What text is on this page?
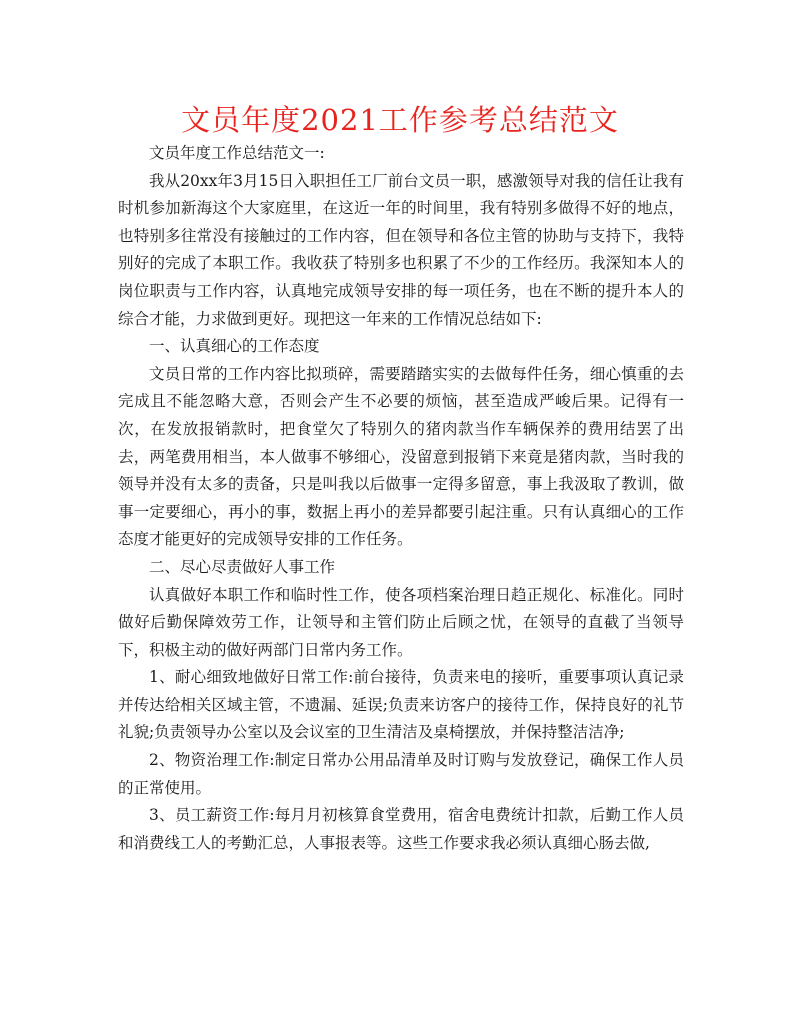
文员年度2021工作参考总结范文

文员年度工作总结范文一:

我从20xx年3月15日入职担任工厂前台文员一职，感激领导对我的信任让我有时机参加新海这个大家庭里，在这近一年的时间里，我有特别多做得不好的地点，也特别多往常没有接触过的工作内容，但在领导和各位主管的协助与支持下，我特别好的完成了本职工作。我收获了特别多也积累了不少的工作经历。我深知本人的岗位职责与工作内容，认真地完成领导安排的每一项任务，也在不断的提升本人的综合才能，力求做到更好。现把这一年来的工作情况总结如下:

一、认真细心的工作态度

文员日常的工作内容比拟琐碎，需要踏踏实实的去做每件任务，细心慎重的去完成且不能忽略大意，否则会产生不必要的烦恼，甚至造成严峻后果。记得有一次，在发放报销款时，把食堂欠了特别久的猪肉款当作车辆保养的费用结罢了出去，两笔费用相当，本人做事不够细心，没留意到报销下来竟是猪肉款，当时我的领导并没有太多的责备，只是叫我以后做事一定得多留意，事上我汲取了教训，做事一定要细心，再小的事，数据上再小的差异都要引起注重。只有认真细心的工作态度才能更好的完成领导安排的工作任务。

二、尽心尽责做好人事工作

认真做好本职工作和临时性工作，使各项档案治理日趋正规化、标准化。同时做好后勤保障效劳工作，让领导和主管们防止后顾之忧，在领导的直截了当领导下，积极主动的做好两部门日常内务工作。

1、耐心细致地做好日常工作:前台接待，负责来电的接听，重要事项认真记录并传达给相关区域主管，不遗漏、延误;负责来访客户的接待工作，保持良好的礼节礼貌;负责领导办公室以及会议室的卫生清洁及桌椅摆放，并保持整洁洁净;

2、物资治理工作:制定日常办公用品清单及时订购与发放登记，确保工作人员的正常使用。

3、员工薪资工作:每月月初核算食堂费用，宿舍电费统计扣款，后勤工作人员和消费线工人的考勤汇总，人事报表等。这些工作要求我必须认真细心肠去做,
